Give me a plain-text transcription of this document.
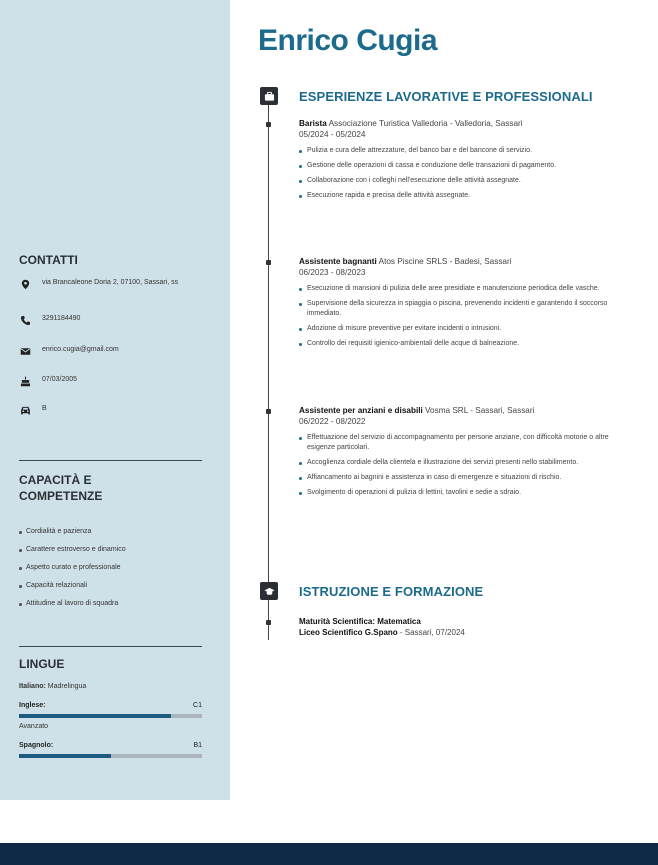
Enrico Cugia
ESPERIENZE LAVORATIVE E PROFESSIONALI
Barista Associazione Turistica Valledoria - Valledoria, Sassari
05/2024 - 05/2024
Pulizia e cura delle attrezzature, del banco bar e del bancone di servizio.
Gestione delle operazioni di cassa e conduzione delle transazioni di pagamento.
Collaborazione con i colleghi nell'esecuzione delle attività assegnate.
Esecuzione rapida e precisa delle attività assegnate.
Assistente bagnanti Atos Piscine SRLS - Badesi, Sassari
06/2023 - 08/2023
Esecuzione di mansioni di pulizia delle aree presidiate e manutenzione periodica delle vasche.
Supervisione della sicurezza in spiaggia o piscina, prevenendo incidenti e garantendo il soccorso immediato.
Adozione di misure preventive per evitare incidenti o intrusioni.
Controllo dei requisiti igienico-ambientali delle acque di balneazione.
Assistente per anziani e disabili Vosma SRL - Sassari, Sassari
06/2022 - 08/2022
Effettuazione del servizio di accompagnamento per persone anziane, con difficoltà motorie o altre esigenze particolari.
Accoglienza cordiale della clientela e illustrazione dei servizi presenti nello stabilimento.
Affiancamento ai bagnini e assistenza in caso di emergenze e situazioni di rischio.
Svolgimento di operazioni di pulizia di lettini, tavolini e sedie a sdraio.
ISTRUZIONE E FORMAZIONE
Maturità Scientifica: Matematica
Liceo Scientifico G.Spano - Sassari, 07/2024
CONTATTI
via Brancaleone Doria 2, 07100, Sassari, ss
3291184490
enrico.cugia@gmail.com
07/03/2005
B
CAPACITÀ E
COMPETENZE
Cordialità e pazienza
Carattere estroverso e dinamico
Aspetto curato e professionale
Capacità relazionali
Attitudine al lavoro di squadra
LINGUE
Italiano: Madrelingua
Inglese:	C1
Avanzato
Spagnolo:	B1
